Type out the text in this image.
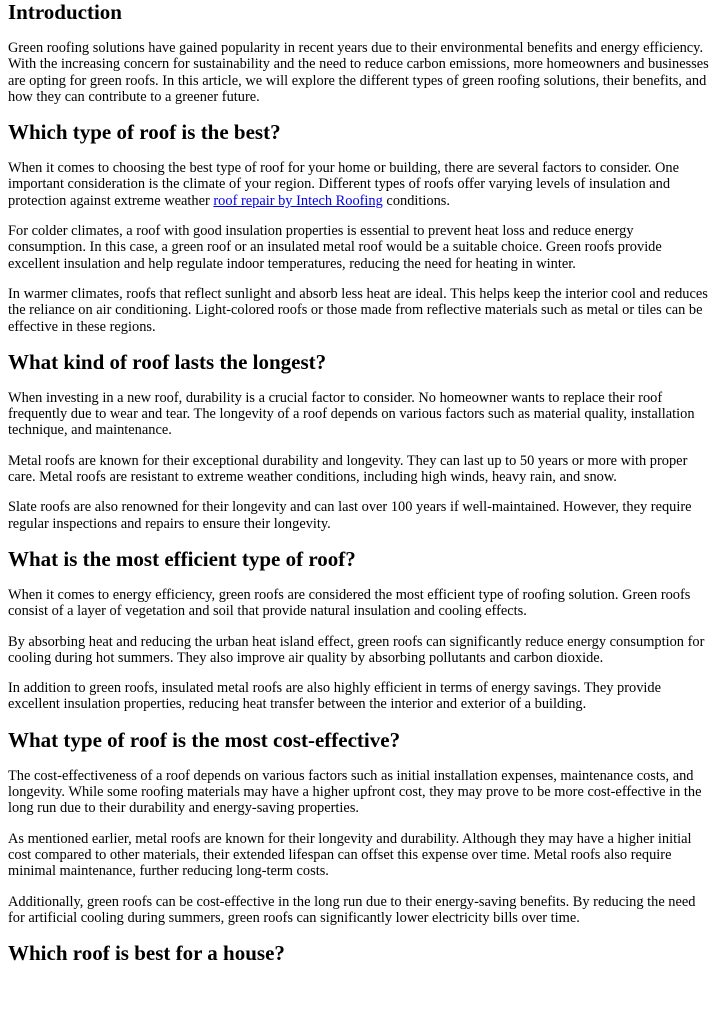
Introduction

Green roofing solutions have gained popularity in recent years due to their environmental benefits and energy efficiency. With the increasing concern for sustainability and the need to reduce carbon emissions, more homeowners and businesses are opting for green roofs. In this article, we will explore the different types of green roofing solutions, their benefits, and how they can contribute to a greener future.

Which type of roof is the best?

When it comes to choosing the best type of roof for your home or building, there are several factors to consider. One important consideration is the climate of your region. Different types of roofs offer varying levels of insulation and protection against extreme weather roof repair by Intech Roofing conditions.

For colder climates, a roof with good insulation properties is essential to prevent heat loss and reduce energy consumption. In this case, a green roof or an insulated metal roof would be a suitable choice. Green roofs provide excellent insulation and help regulate indoor temperatures, reducing the need for heating in winter.

In warmer climates, roofs that reflect sunlight and absorb less heat are ideal. This helps keep the interior cool and reduces the reliance on air conditioning. Light-colored roofs or those made from reflective materials such as metal or tiles can be effective in these regions.

What kind of roof lasts the longest?

When investing in a new roof, durability is a crucial factor to consider. No homeowner wants to replace their roof frequently due to wear and tear. The longevity of a roof depends on various factors such as material quality, installation technique, and maintenance.

Metal roofs are known for their exceptional durability and longevity. They can last up to 50 years or more with proper care. Metal roofs are resistant to extreme weather conditions, including high winds, heavy rain, and snow.

Slate roofs are also renowned for their longevity and can last over 100 years if well-maintained. However, they require regular inspections and repairs to ensure their longevity.

What is the most efficient type of roof?

When it comes to energy efficiency, green roofs are considered the most efficient type of roofing solution. Green roofs consist of a layer of vegetation and soil that provide natural insulation and cooling effects.

By absorbing heat and reducing the urban heat island effect, green roofs can significantly reduce energy consumption for cooling during hot summers. They also improve air quality by absorbing pollutants and carbon dioxide.

In addition to green roofs, insulated metal roofs are also highly efficient in terms of energy savings. They provide excellent insulation properties, reducing heat transfer between the interior and exterior of a building.

What type of roof is the most cost-effective?

The cost-effectiveness of a roof depends on various factors such as initial installation expenses, maintenance costs, and longevity. While some roofing materials may have a higher upfront cost, they may prove to be more cost-effective in the long run due to their durability and energy-saving properties.

As mentioned earlier, metal roofs are known for their longevity and durability. Although they may have a higher initial cost compared to other materials, their extended lifespan can offset this expense over time. Metal roofs also require minimal maintenance, further reducing long-term costs.

Additionally, green roofs can be cost-effective in the long run due to their energy-saving benefits. By reducing the need for artificial cooling during summers, green roofs can significantly lower electricity bills over time.

Which roof is best for a house?
